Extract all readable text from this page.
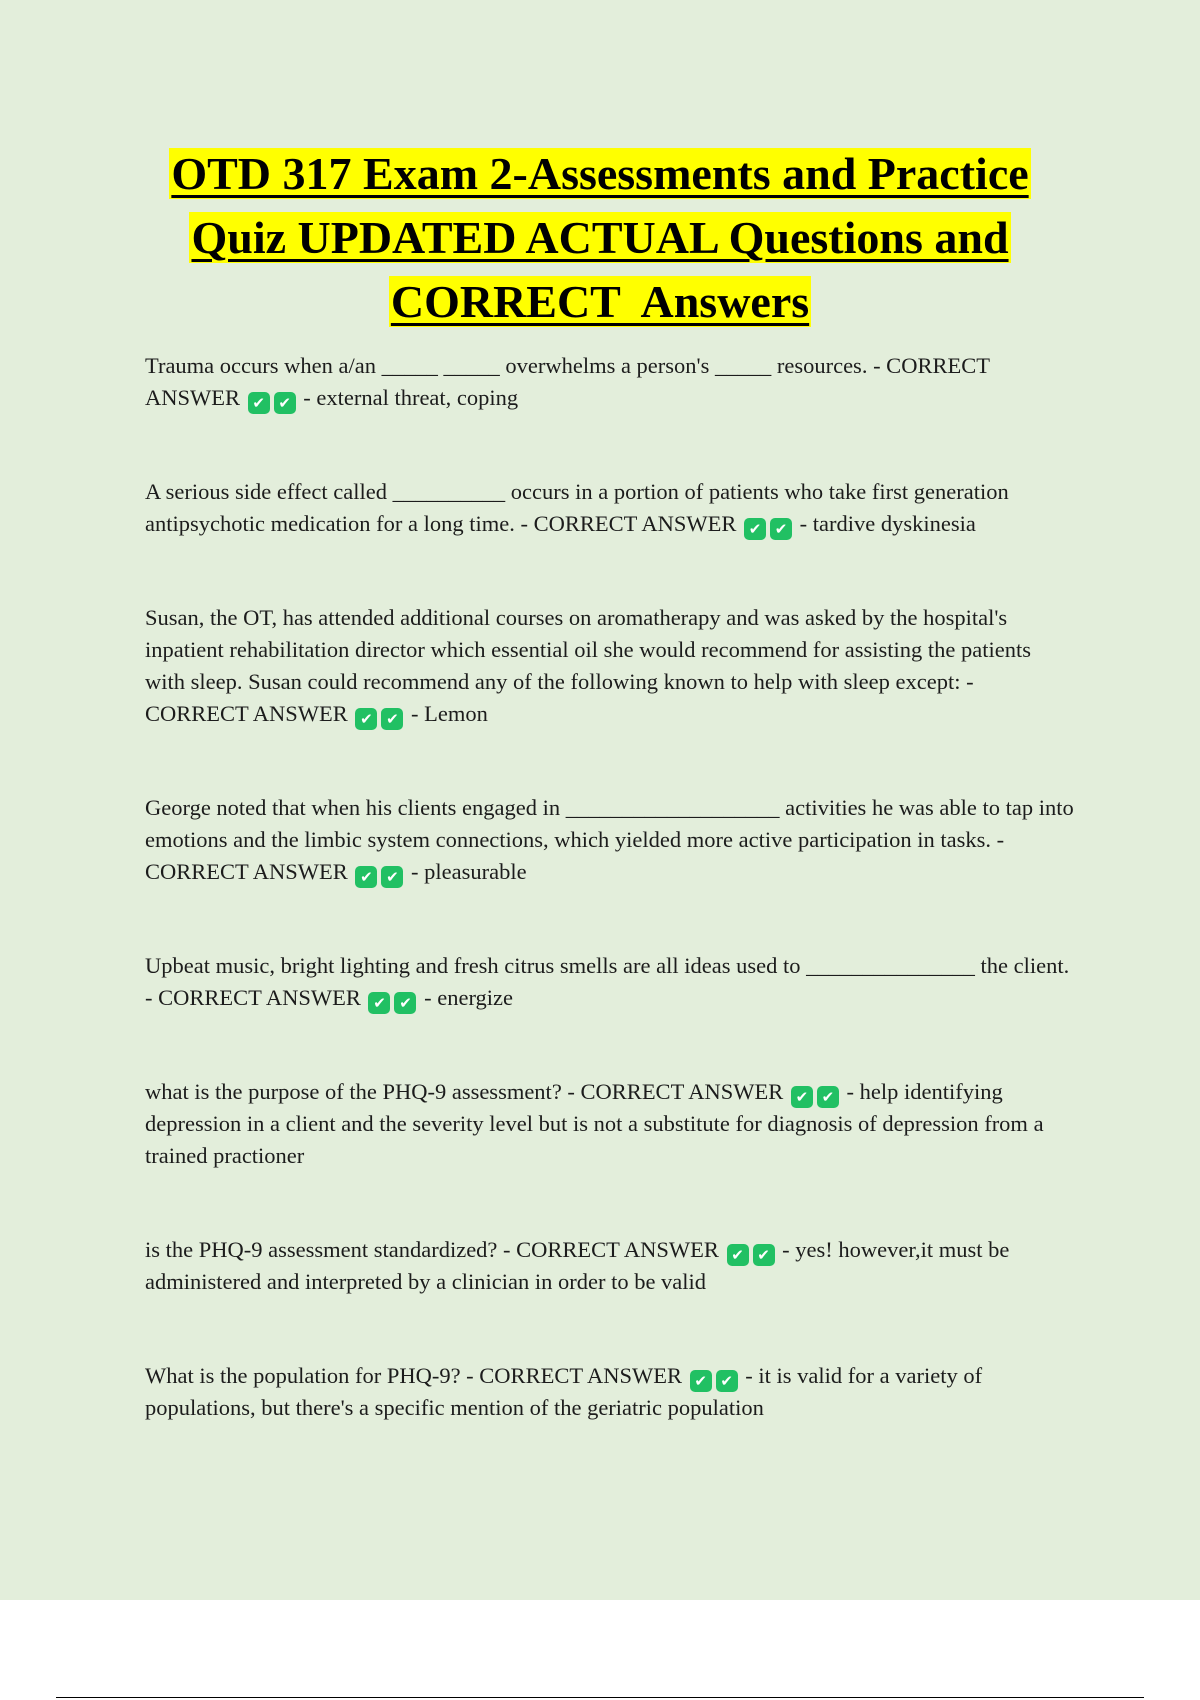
OTD 317 Exam 2-Assessments and Practice
Quiz UPDATED ACTUAL Questions and
CORRECT  Answers

Trauma occurs when a/an _____ _____ overwhelms a person's _____ resources. - CORRECT ANSWER ✔ ✔	- external threat, coping

A serious side effect called __________ occurs in a portion of patients who take first generation antipsychotic medication for a long time. - CORRECT ANSWER ✔ ✔	- tardive dyskinesia

Susan, the OT, has attended additional courses on aromatherapy and was asked by the hospital's inpatient rehabilitation director which essential oil she would recommend for assisting the patients with sleep. Susan could recommend any of the following known to help with sleep except: - CORRECT ANSWER ✔ ✔	- Lemon

George noted that when his clients engaged in ___________________ activities he was able to tap into emotions and the limbic system connections, which yielded more active participation in tasks. - CORRECT ANSWER ✔ ✔	- pleasurable

Upbeat music, bright lighting and fresh citrus smells are all ideas used to _______________ the client. - CORRECT ANSWER ✔ ✔	- energize

what is the purpose of the PHQ-9 assessment? - CORRECT ANSWER ✔ ✔	- help identifying depression in a client and the severity level but is not a substitute for diagnosis of depression from a trained practioner

is the PHQ-9 assessment standardized? - CORRECT ANSWER ✔ ✔	- yes! however,it must be administered and interpreted by a clinician in order to be valid

What is the population for PHQ-9? - CORRECT ANSWER ✔ ✔	- it is valid for a variety of populations, but there's a specific mention of the geriatric population
